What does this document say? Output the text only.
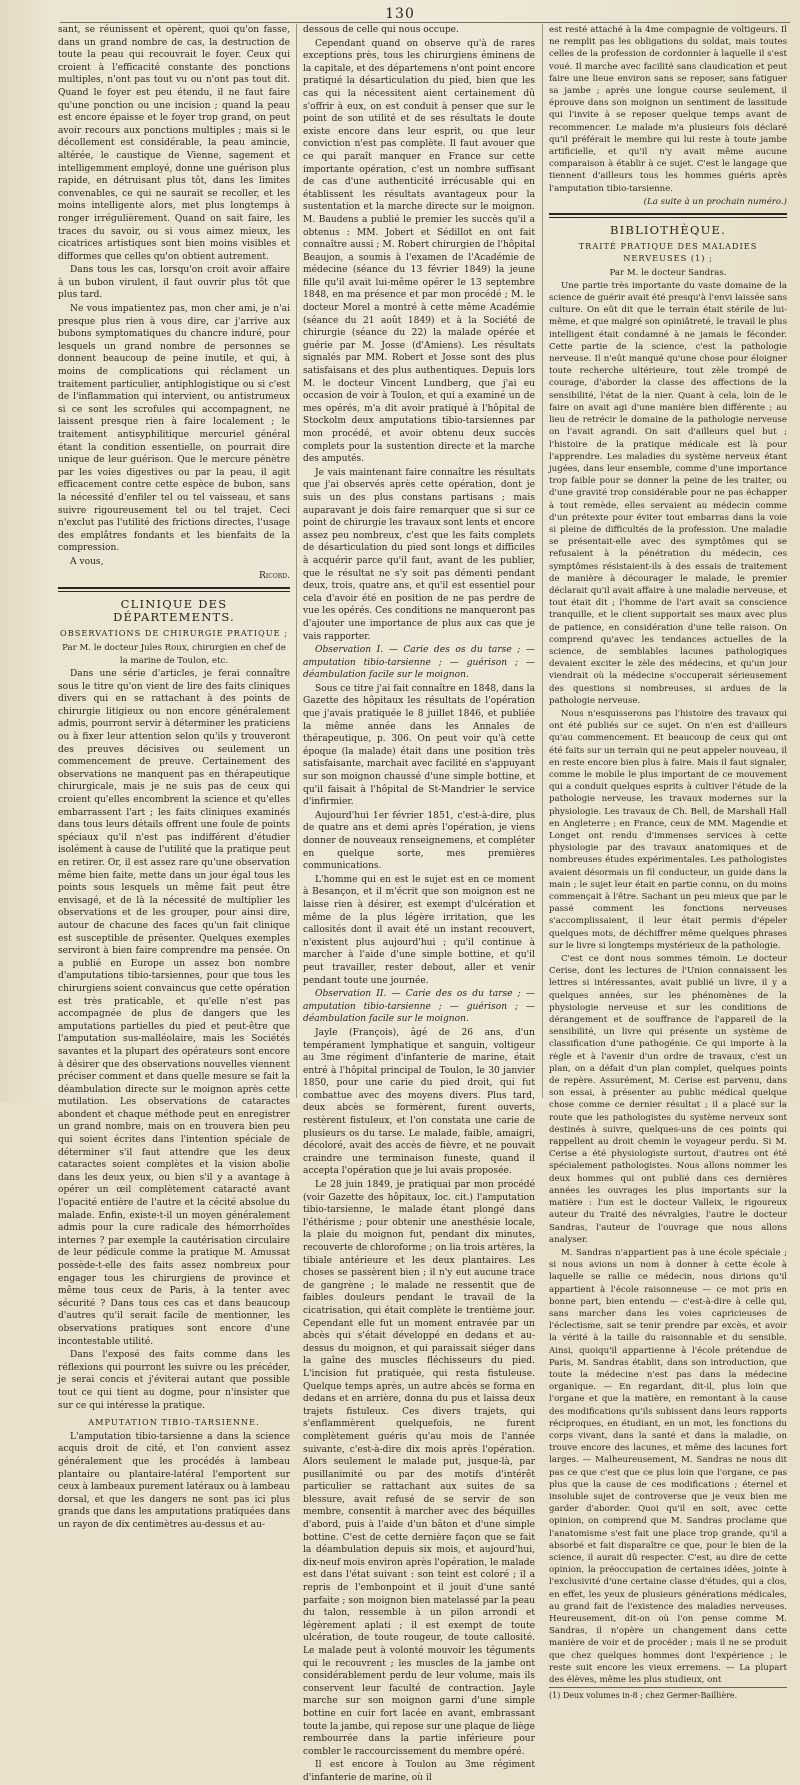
130

sant, se réunissent et opèrent, quoi qu'on fasse, dans un grand nombre de cas, la destruction de toute la peau qui recouvrait le foyer. Ceux qui croient à l'efficacité constante des ponctions multiples, n'ont pas tout vu ou n'ont pas tout dit. Quand le foyer est peu étendu, il ne faut faire qu'une ponction ou une incision ; quand la peau est encore épaisse et le foyer trop grand, on peut avoir recours aux ponctions multiples ; mais si le décollement est considérable, la peau amincie, altérée, le caustique de Vienne, sagement et intelligemment employé, donne une guérison plus rapide, en détruisant plus tôt, dans les limites convenables, ce qui ne saurait se recoller, et les moins intelligente alors, met plus longtemps à ronger irrégulièrement. Quand on sait faire, les traces du savoir, ou si vous aimez mieux, les cicatrices artistiques sont bien moins visibles et difformes que celles qu'on obtient autrement.

Dans tous les cas, lorsqu'on croit avoir affaire à un bubon virulent, il faut ouvrir plus tôt que plus tard.

Ne vous impatientez pas, mon cher ami, je n'ai presque plus rien à vous dire, car j'arrive aux bubons symptomatiques du chancre induré, pour lesquels un grand nombre de personnes se donnent beaucoup de peine inutile, et qui, à moins de complications qui réclament un traitement particulier, antiphlogistique ou si c'est de l'inflammation qui intervient, ou antistrumeux si ce sont les scrofules qui accompagnent, ne laissent presque rien à faire localement ; le traitement antisyphilitique mercuriel général étant la condition essentielle, on pourrait dire unique de leur guérison. Que le mercure pénètre par les voies digestives ou par la peau, il agit efficacement contre cette espèce de bubon, sans la nécessité d'enfiler tel ou tel vaisseau, et sans suivre rigoureusement tel ou tel trajet. Ceci n'exclut pas l'utilité des frictions directes, l'usage des emplâtres fondants et les bienfaits de la compression.

A vous,

Ricord.

CLINIQUE DES DÉPARTEMENTS.
OBSERVATIONS DE CHIRURGIE PRATIQUE ;

Par M. le docteur Jules Roux, chirurgien en chef de la marine de Toulon, etc.

Dans une série d'articles, je ferai connaître sous le titre qu'on vient de lire des faits cliniques divers qui en se rattachant à des points de chirurgie litigieux ou non encore généralement admis, pourront servir à déterminer les praticiens ou à fixer leur attention selon qu'ils y trouveront des preuves décisives ou seulement un commencement de preuve. Certainement des observations ne manquent pas en thérapeutique chirurgicale, mais je ne suis pas de ceux qui croient qu'elles encombrent la science et qu'elles embarrassent l'art ; les faits cliniques examinés dans tous leurs détails offrent une foule de points spéciaux qu'il n'est pas indifférent d'étudier isolément à cause de l'utilité que la pratique peut en retirer. Or, il est assez rare qu'une observation même bien faite, mette dans un jour égal tous les points sous lesquels un même fait peut être envisagé, et de là la nécessité de multiplier les observations et de les grouper, pour ainsi dire, autour de chacune des faces qu'un fait clinique est susceptible de présenter. Quelques exemples serviront à bien faire comprendre ma pensée. On a publié en Europe un assez bon nombre d'amputations tibio-tarsiennes, pour que tous les chirurgiens soient convaincus que cette opération est très praticable, et qu'elle n'est pas accompagnée de plus de dangers que les amputations partielles du pied et peut-être que l'amputation sus-malléolaire, mais les Sociétés savantes et la plupart des opérateurs sont encore à désirer que des observations nouvelles viennent préciser comment et dans quelle mesure se fait la déambulation directe sur le moignon après cette mutilation. Les observations de cataractes abondent et chaque méthode peut en enregistrer un grand nombre, mais on en trouvera bien peu qui soient écrites dans l'intention spéciale de déterminer s'il faut attendre que les deux cataractes soient complètes et la vision abolie dans les deux yeux, ou bien s'il y a avantage à opérer un œil complètement cataracté avant l'opacité entière de l'autre et la cécité absolue du malade. Enfin, existe-t-il un moyen généralement admis pour la cure radicale des hémorrhoïdes internes ? par exemple la cautérisation circulaire de leur pédicule comme la pratique M. Amussat possède-t-elle des faits assez nombreux pour engager tous les chirurgiens de province et même tous ceux de Paris, à la tenter avec sécurité ? Dans tous ces cas et dans beaucoup d'autres qu'il serait facile de mentionner, les observations pratiques sont encore d'une incontestable utilité.

Dans l'exposé des faits comme dans les réflexions qui pourront les suivre ou les précéder, je serai concis et j'éviterai autant que possible tout ce qui tient au dogme, pour n'insister que sur ce qui intéresse la pratique.

AMPUTATION TIBIO-TARSIENNE.

L'amputation tibio-tarsienne a dans la science acquis droit de cité, et l'on convient assez généralement que les procédés à lambeau plantaire ou plantaire-latéral l'emportent sur ceux à lambeaux purement latéraux ou à lambeau dorsal, et que les dangers ne sont pas ici plus grands que dans les amputations pratiquées dans un rayon de dix centimètres au-dessus et au-

dessous de celle qui nous occupe.

Cependant quand on observe qu'à de rares exceptions près, tous les chirurgiens éminens de la capitale, et des départemens n'ont point encore pratiqué la désarticulation du pied, bien que les cas qui la nécessitent aient certainement dû s'offrir à eux, on est conduit à penser que sur le point de son utilité et de ses résultats le doute existe encore dans leur esprit, ou que leur conviction n'est pas complète. Il faut avouer que ce qui paraît manquer en France sur cette importante opération, c'est un nombre suffisant de cas d'une authenticité irrécusable qui en établissent les résultats avantageux pour la sustentation et la marche directe sur le moignon. M. Baudens a publié le premier les succès qu'il a obtenus : MM. Jobert et Sédillot en ont fait connaître aussi ; M. Robert chirurgien de l'hôpital Beaujon, a soumis à l'examen de l'Académie de médecine (séance du 13 février 1849) la jeune fille qu'il avait lui-même opérer le 13 septembre 1848, en ma présence et par mon procédé ; M. le docteur Morel a montré à cette même Académie (séance du 21 août 1849) et à la Société de chirurgie (séance du 22) la malade opérée et guérie par M. Josse (d'Amiens). Les résultats signalés par MM. Robert et Josse sont des plus satisfaisans et des plus authentiques. Depuis lors M. le docteur Vincent Lundberg, que j'ai eu occasion de voir à Toulon, et qui a examiné un de mes opérés, m'a dit avoir pratiqué à l'hôpital de Stockolm deux amputations tibio-tarsiennes par mon procédé, et avoir obtenu deux succès complets pour la sustention directe et la marche des amputés.

Je vais maintenant faire connaître les résultats que j'ai observés après cette opération, dont je suis un des plus constans partisans ; mais auparavant je dois faire remarquer que si sur ce point de chirurgie les travaux sont lents et encore assez peu nombreux, c'est que les faits complets de désarticulation du pied sont longs et difficiles à acquérir parce qu'il faut, avant de les publier, que le résultat ne s'y soit pas démenti pendant deux, trois, quatre ans, et qu'il est essentiel pour cela d'avoir été en position de ne pas perdre de vue les opérés. Ces conditions ne manqueront pas d'ajouter une importance de plus aux cas que je vais rapporter.

Observation I. — Carie des os du tarse ; — amputation tibio-tarsienne ; — guérison ; — déambulation facile sur le moignon.

Sous ce titre j'ai fait connaître en 1848, dans la Gazette des hôpitaux les résultats de l'opération que j'avais pratiquée le 8 juillet 1846, et publiée la même année dans les Annales de thérapeutique, p. 306. On peut voir qu'à cette époque (la malade) était dans une position très satisfaisante, marchait avec facilité en s'appuyant sur son moignon chaussé d'une simple bottine, et qu'il faisait à l'hôpital de St-Mandrier le service d'infirmier.

Aujourd'hui 1er février 1851, c'est-à-dire, plus de quatre ans et demi après l'opération, je viens donner de nouveaux renseignemens, et compléter en quelque sorte, mes premières communications.

L'homme qui en est le sujet est en ce moment à Besançon, et il m'écrit que son moignon est ne laisse rien à désirer, est exempt d'ulcération et même de la plus légère irritation, que les callosités dont il avait été un instant recouvert, n'existent plus aujourd'hui ; qu'il continue à marcher à l'aide d'une simple bottine, et qu'il peut travailler, rester debout, aller et venir pendant toute une journée.

Observation II. — Carie des os du tarse ; — amputation tibio-tarsienne ; — guérison ; — déambulation facile sur le moignon.

Jayle (François), âgé de 26 ans, d'un tempérament lymphatique et sanguin, voltigeur au 3me régiment d'infanterie de marine, était entré à l'hôpital principal de Toulon, le 30 janvier 1850, pour une carie du pied droit, qui fut combattue avec des moyens divers. Plus tard, deux abcès se formèrent, furent ouverts, restèrent fistuleux, et l'on constata une carie de plusieurs os du tarse. Le malade, faible, amaigri, décoloré, avait des accès de fièvre, et ne pouvait craindre une terminaison funeste, quand il accepta l'opération que je lui avais proposée.

Le 28 juin 1849, je pratiquai par mon procédé (voir Gazette des hôpitaux, loc. cit.) l'amputation tibio-tarsienne, le malade étant plongé dans l'éthérisme ; pour obtenir une anesthésie locale, la plaie du moignon fut, pendant dix minutes, recouverte de chloroforme ; on lia trois artères, la tibiale antérieure et les deux plantaires. Les choses se passèrent bien ; il n'y eut aucune trace de gangrène ; le malade ne ressentit que de faibles douleurs pendant le travail de la cicatrisation, qui était complète le trentième jour. Cependant elle fut un moment entravée par un abcès qui s'était développé en dedans et au-dessus du moignon, et qui paraissait siéger dans la gaîne des muscles fléchisseurs du pied. L'incision fut pratiquée, qui resta fistuleuse. Quelque temps après, un autre abcès se forma en dedans et en arrière, donna du pus et laissa deux trajets fistuleux. Ces divers trajets, qui s'enflammèrent quelquefois, ne furent complètement guéris qu'au mois de l'année suivante, c'est-à-dire dix mois après l'opération. Alors seulement le malade put, jusque-là, par pusillanimité ou par des motifs d'intérêt particulier se rattachant aux suites de sa blessure, avait refusé de se servir de son membre, consentit à marcher avec des béquilles d'abord, puis à l'aide d'un bâton et d'une simple bottine. C'est de cette dernière façon que se fait la déambulation depuis six mois, et aujourd'hui, dix-neuf mois environ après l'opération, le malade est dans l'état suivant : son teint est coloré ; il a repris de l'embonpoint et il jouit d'une santé parfaite ; son moignon bien matelassé par la peau du talon, ressemble à un pilon arrondi et légèrement aplati ; il est exempt de toute ulcération, de toute rougeur, de toute callosité. Le malade peut à volonté mouvoir les téguments qui le recouvrent ; les muscles de la jambe ont considérablement perdu de leur volume, mais ils conservent leur faculté de contraction. Jayle marche sur son moignon garni d'une simple bottine en cuir fort lacée en avant, embrassant toute la jambe, qui repose sur une plaque de liège rembourrée dans la partie inférieure pour combler le raccourcissement du membre opéré.

Il est encore à Toulon au 3me régiment d'infanterie de marine, où il

est resté attaché à la 4me compagnie de voltigeurs. Il ne remplit pas les obligations du soldat, mais toutes celles de la profession de cordonnier à laquelle il s'est voué. Il marche avec facilité sans claudication et peut faire une lieue environ sans se reposer, sans fatiguer sa jambe ; après une longue course seulement, il éprouve dans son moignon un sentiment de lassitude qui l'invite à se reposer quelque temps avant de recommencer. Le malade m'a plusieurs fois déclaré qu'il préférait le membre qui lui reste à toute jambe artificielle, et qu'il n'y avait même aucune comparaison à établir à ce sujet. C'est le langage que tiennent d'ailleurs tous les hommes guéris après l'amputation tibio-tarsienne.

(La suite à un prochain numéro.)

BIBLIOTHÈQUE.
TRAITÉ PRATIQUE DES MALADIES NERVEUSES (1) ;

Par M. le docteur Sandras.

Une partie très importante du vaste domaine de la science de guérir avait été presqu'à l'envi laissée sans culture. On eût dit que le terrain était stérile de lui-même, et que malgré son opiniâtreté, le travail le plus intelligent était condamné à ne jamais le féconder. Cette partie de la science, c'est la pathologie nerveuse. Il n'eût manqué qu'une chose pour éloigner toute recherche ultérieure, tout zèle trompé de courage, d'aborder la classe des affections de la sensibilité, l'état de la nier. Quant à cela, loin de le faire on avait agi d'une manière bien différente ; au lieu de retrécir le domaine de la pathologie nerveuse on l'avait agrandi. On sait d'ailleurs quel but ; l'histoire de la pratique médicale est là pour l'apprendre. Les maladies du système nerveux étant jugées, dans leur ensemble, comme d'une importance trop faible pour se donner la peine de les traiter, ou d'une gravité trop considérable pour ne pas échapper à tout remède, elles servaient au médecin comme d'un prétexte pour éviter tout embarras dans la voie si pleine de difficultés de la profession. Une maladie se présentait-elle avec des symptômes qui se refusaient à la pénétration du médecin, ces symptômes résistaient-ils à des essais de traitement de manière à décourager le malade, le premier déclarait qu'il avait affaire à une maladie nerveuse, et tout était dit ; l'homme de l'art avait sa conscience tranquille, et le client supportait ses maux avec plus de patience, en considération d'une telle raison. On comprend qu'avec les tendances actuelles de la science, de semblables lacunes pathologiques devaient exciter le zèle des médecins, et qu'un jour viendrait où la médecine s'occuperait sérieusement des questions si nombreuses, si ardues de la pathologie nerveuse.

Nous n'esquisserons pas l'histoire des travaux qui ont été publiés sur ce sujet. On n'en est d'ailleurs qu'au commencement. Et beaucoup de ceux qui ont été faits sur un terrain qui ne peut appeler nouveau, il en reste encore bien plus à faire. Mais il faut signaler, comme le mobile le plus important de ce mouvement qui a conduit quelques esprits à cultiver l'étude de la pathologie nerveuse, les travaux modernes sur la physiologie. Les travaux de Ch. Bell, de Marshall Hall en Angleterre ; en France, ceux de MM. Magendie et Longet ont rendu d'immenses services à cette physiologie par des travaux anatomiques et de nombreuses études expérimentales. Les pathologistes avaient désormais un fil conducteur, un guide dans la main ; le sujet leur était en partie connu, on du moins commençait à l'être. Sachant un peu mieux que par le passé comment les fonctions nerveuses s'accomplissaient, il leur était permis d'épeler quelques mots, de déchiffrer même quelques phrases sur le livre si longtemps mystérieux de la pathologie.

C'est ce dont nous sommes témoin. Le docteur Cerise, dont les lectures de l'Union connaissent les lettres si intéressantes, avait publié un livre, il y a quelques années, sur les phénomènes de la physiologie nerveuse et sur les conditions de dérangement et de souffrance de l'appareil de la sensibilité, un livre qui présente un système de classification d'une pathogénie. Ce qui importe à la règle et à l'avenir d'un ordre de travaux, c'est un plan, on a défait d'un plan complet, quelques points de repère. Assurément, M. Cerise est parvenu, dans son essai, à présenter au public médical quelque chose comme ce dernier résultat ; il a placé sur la route que les pathologistes du système nerveux sont destinés à suivre, quelques-uns de ces points qui rappellent au droit chemin le voyageur perdu. Si M. Cerise a été physiologiste surtout, d'autres ont été spécialement pathologistes. Nous allons nommer les deux hommes qui ont publié dans ces dernières années les ouvrages les plus importants sur la matière : l'un est le docteur Valleix, le rigoureux auteur du Traité des névralgies, l'autre le docteur Sandras, l'auteur de l'ouvrage que nous allons analyser.

M. Sandras n'appartient pas à une école spéciale ; si nous avions un nom à donner à cette école à laquelle se rallie ce médecin, nous dirions qu'il appartient à l'école raisonneuse — ce mot pris en bonne part, bien entendu — c'est-à-dire à celle qui, sans marcher dans les voies capricieuses de l'éclectisme, sait se tenir prendre par excès, et avoir la vérité à la taille du raisonnable et du sensible. Ainsi, quoiqu'il appartienne à l'école prétendue de Paris, M. Sandras établit, dans son introduction, que toute la médecine n'est pas dans la médecine organique. — En regardant, dit-il, plus loin que l'organe et que la matière, en remontant à la cause des modifications qu'ils subissent dans leurs rapports réciproques, en étudiant, en un mot, les fonctions du corps vivant, dans la santé et dans la maladie, on trouve encore des lacunes, et même des lacunes fort larges. — Malheureusement, M. Sandras ne nous dit pas ce que c'est que ce plus loin que l'organe, ce pas plus que la cause de ces modifications ; éternel et insoluble sujet de controverse que je veux bien me garder d'aborder. Quoi qu'il en soit, avec cette opinion, on comprend que M. Sandras proclame que l'anatomisme s'est fait une place trop grande, qu'il a absorbé et fait disparaître ce que, pour le bien de la science, il aurait dû respecter. C'est, au dire de cette opinion, la préoccupation de certaines idées, jointe à l'exclusivité d'une certaine classe d'études, qui a clos, en effet, les yeux de plusieurs générations médicales, au grand fait de l'existence des maladies nerveuses. Heureusement, dit-on où l'on pense comme M. Sandras, il n'opère un changement dans cette manière de voir et de procéder ; mais il ne se produit que chez quelques hommes dont l'expérience ; le reste suit encore les vieux erremens. — La plupart des élèves, même les plus studieux, ont

(1) Deux volumes in-8 ; chez Germer-Baillière.
